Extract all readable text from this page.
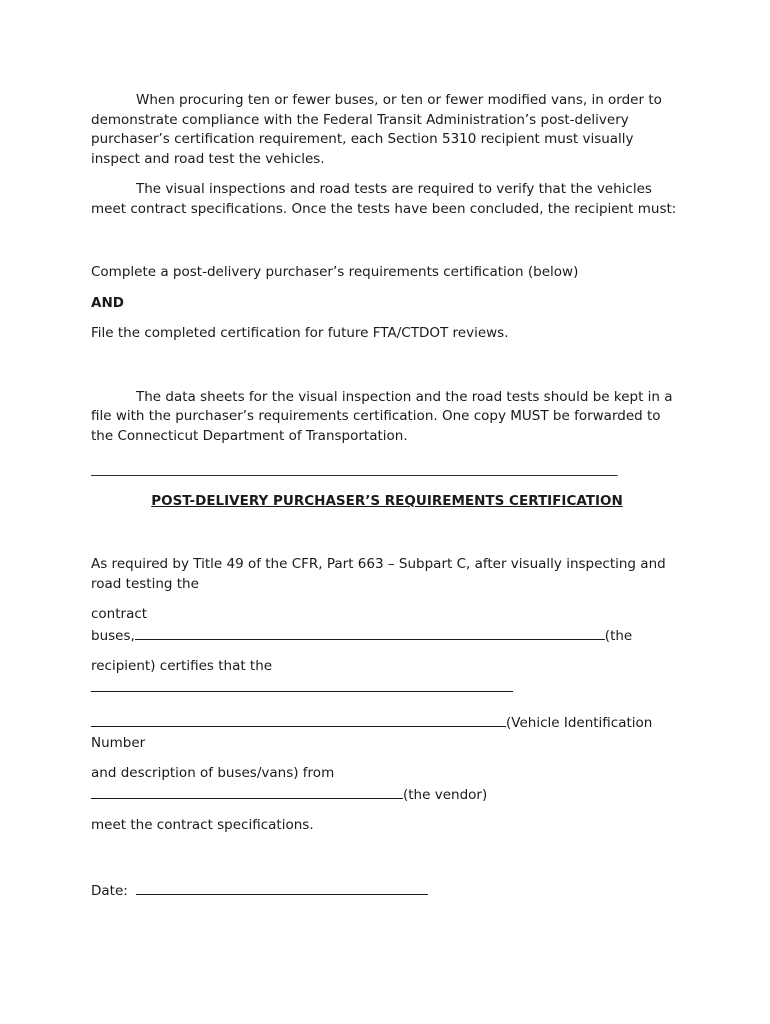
When procuring ten or fewer buses, or ten or fewer modified vans, in order to demonstrate compliance with the Federal Transit Administration’s post-delivery purchaser’s certification requirement, each Section 5310 recipient must visually inspect and road test the vehicles.

The visual inspections and road tests are required to verify that the vehicles meet contract specifications. Once the tests have been concluded, the recipient must:

Complete a post-delivery purchaser’s requirements certification (below)

AND

File the completed certification for future FTA/CTDOT reviews.

The data sheets for the visual inspection and the road tests should be kept in a file with the purchaser’s requirements certification. One copy MUST be forwarded to the Connecticut Department of Transportation.

______________________________________________________________________________
POST-DELIVERY PURCHASER’S REQUIREMENTS CERTIFICATION

As required by Title 49 of the CFR, Part 663 – Subpart C, after visually inspecting and road testing the

contract
buses,	(the

recipient) certifies that the

(Vehicle Identification
Number

and description of buses/vans) from
(the vendor)

meet the contract specifications.

Date:
